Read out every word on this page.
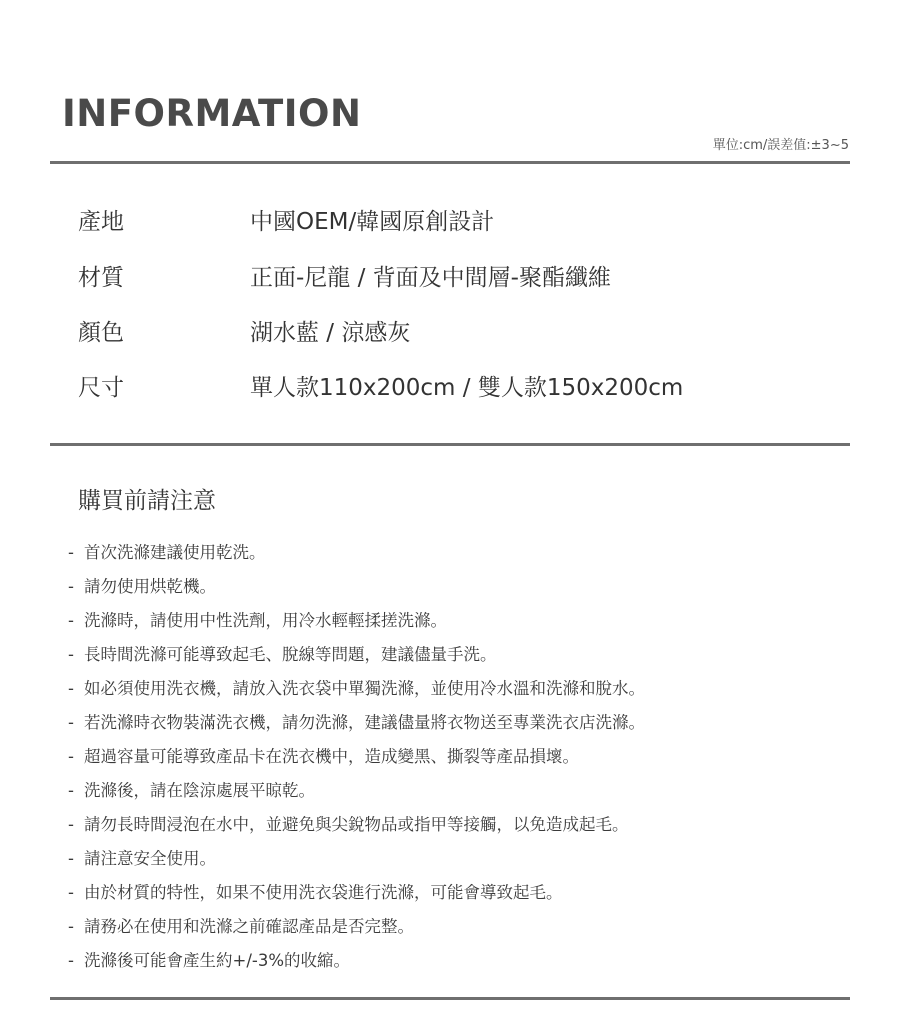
INFORMATION
單位:cm/誤差值:±3~5
產地	中國OEM/韓國原創設計
材質	正面-尼龍 / 背面及中間層-聚酯纖維
顏色	湖水藍 / 涼感灰
尺寸	單人款110x200cm / 雙人款150x200cm
購買前請注意
- 首次洗滌建議使用乾洗。
- 請勿使用烘乾機。
- 洗滌時，請使用中性洗劑，用冷水輕輕揉搓洗滌。
- 長時間洗滌可能導致起毛、脫線等問題，建議儘量手洗。
- 如必須使用洗衣機，請放入洗衣袋中單獨洗滌，並使用冷水溫和洗滌和脫水。
- 若洗滌時衣物裝滿洗衣機，請勿洗滌，建議儘量將衣物送至專業洗衣店洗滌。
- 超過容量可能導致產品卡在洗衣機中，造成變黑、撕裂等產品損壞。
- 洗滌後，請在陰涼處展平晾乾。
- 請勿長時間浸泡在水中，並避免與尖銳物品或指甲等接觸，以免造成起毛。
- 請注意安全使用。
- 由於材質的特性，如果不使用洗衣袋進行洗滌，可能會導致起毛。
- 請務必在使用和洗滌之前確認產品是否完整。
- 洗滌後可能會產生約+/-3%的收縮。
